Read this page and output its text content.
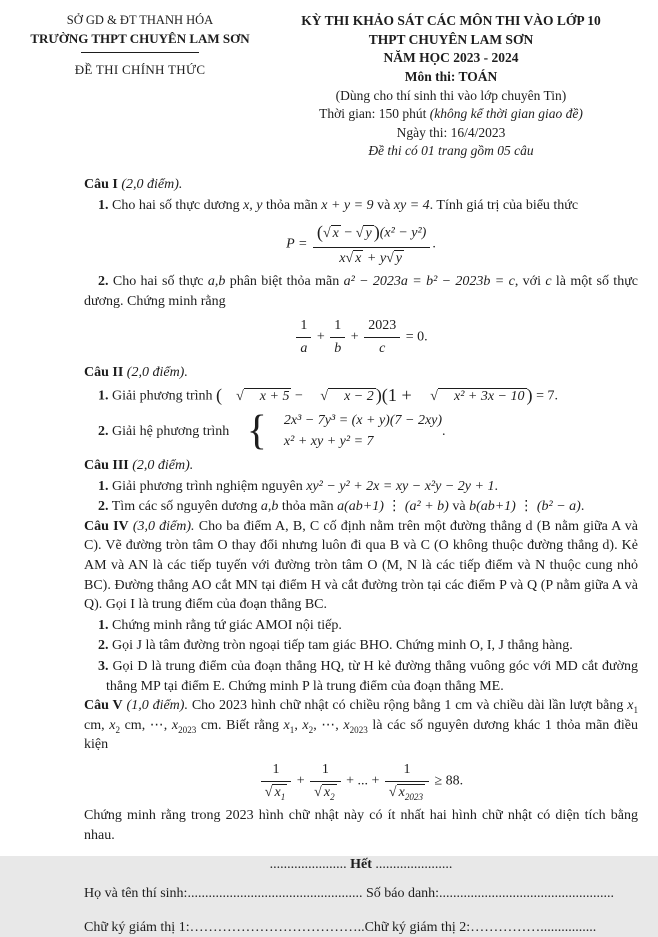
SỞ GD & ĐT THANH HÓA
TRƯỜNG THPT CHUYÊN LAM SƠN
ĐỀ THI CHÍNH THỨC
KỲ THI KHẢO SÁT CÁC MÔN THI VÀO LỚP 10
THPT CHUYÊN LAM SƠN
NĂM HỌC 2023 - 2024
Môn thi: TOÁN
(Dùng cho thí sinh thi vào lớp chuyên Tin)
Thời gian: 150 phút (không kể thời gian giao đề)
Ngày thi: 16/4/2023
Đề thi có 01 trang gồm 05 câu

Câu I (2,0 điểm).

1. Cho hai số thực dương x, y thỏa mãn x + y = 9 và xy = 4. Tính giá trị của biểu thức

$P = \frac{\text{(√ x − √ y )(x² − y²)}}{x√ x + y√ y}$ .

2. Cho hai số thực a,b phân biệt thỏa mãn a² − 2023a = b² − 2023b = c, với c là một số thực dương. Chứng minh rằng

$\frac{1}{a} + \frac{1}{b} + \frac{2023}{c} = 0$.

Câu II (2,0 điểm).

1. Giải phương trình ( √ x + 5 − √ x − 2 )(1 + √ x² + 3x − 10 ) = 7.

2. Giải hệ phương trình {	2x³ − 7y³ = (x + y)(7 − 2xy)
x² + xy + y² = 7
.

Câu III (2,0 điểm).

1. Giải phương trình nghiệm nguyên xy² − y² + 2x = xy − x²y − 2y + 1.

2. Tìm các số nguyên dương a,b thỏa mãn a(ab+1) ⋮ (a² + b) và b(ab+1) ⋮ (b² − a).

Câu IV (3,0 điểm). Cho ba điểm A, B, C cố định nằm trên một đường thẳng d (B nằm giữa A và C). Vẽ đường tròn tâm O thay đổi nhưng luôn đi qua B và C (O không thuộc đường thẳng d). Kẻ AM và AN là các tiếp tuyến với đường tròn tâm O (M, N là các tiếp điểm và N thuộc cung nhỏ BC). Đường thẳng AO cắt MN tại điểm H và cắt đường tròn tại các điểm P và Q (P nằm giữa A và Q). Gọi I là trung điểm của đoạn thẳng BC.

1. Chứng minh rằng tứ giác AMOI nội tiếp.

2. Gọi J là tâm đường tròn ngoại tiếp tam giác BHO. Chứng minh O, I, J thẳng hàng.

3. Gọi D là trung điểm của đoạn thẳng HQ, từ H kẻ đường thẳng vuông góc với MD cắt đường thẳng MP tại điểm E. Chứng minh P là trung điểm của đoạn thẳng ME.

Câu V (1,0 điểm). Cho 2023 hình chữ nhật có chiều rộng bằng 1 cm và chiều dài lần lượt bằng $x_1$ cm, $x_2$ cm, ⋯, $x_{2023}$ cm. Biết rằng $x_1$, $x_2$, ⋯, $x_{2023}$ là các số nguyên dương khác 1 thỏa mãn điều kiện

$\frac{1}{√ x_1} + \frac{1}{√ x_2}$ + ... + $\frac{1}{√ x_{2023}} \ge 88$.

Chứng minh rằng trong 2023 hình chữ nhật này có ít nhất hai hình chữ nhật có diện tích bằng nhau.

...................... Hết ......................

Họ và tên thí sinh:.................................................. Số báo danh:..................................................

Chữ ký giám thị 1:………………………………..Chữ ký giám thị 2:……………................
